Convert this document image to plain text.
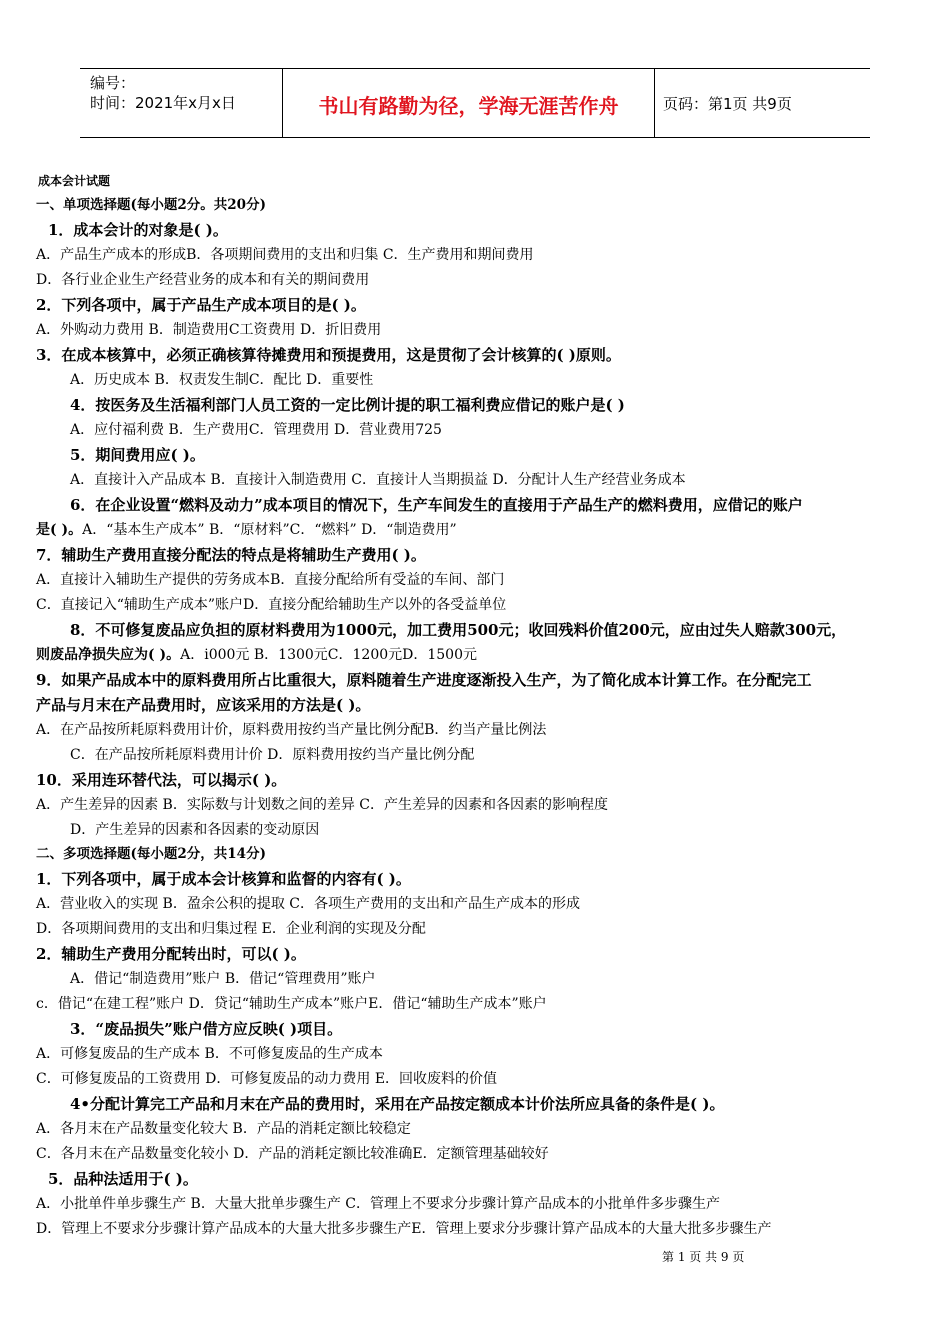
编号：
时间：2021年x月x日	书山有路勤为径，学海无涯苦作舟	页码：第1页 共9页
成本会计试题
一、单项选择题(每小题2分。共20分)
1．成本会计的对象是( )。
A．产品生产成本的形成B．各项期间费用的支出和归集 C．生产费用和期间费用
D．各行业企业生产经营业务的成本和有关的期间费用
2．下列各项中，属于产品生产成本项目的是( )。
A．外购动力费用 B．制造费用C工资费用 D．折旧费用
3．在成本核算中，必须正确核算待摊费用和预提费用，这是贯彻了会计核算的( )原则。
A．历史成本 B．权责发生制C．配比 D．重要性
4．按医务及生活福利部门人员工资的一定比例计提的职工福利费应借记的账户是( )
A．应付福利费 B．生产费用C．管理费用 D．营业费用725
5．期间费用应( )。
A．直接计入产品成本 B．直接计入制造费用 C．直接计人当期损益 D．分配计人生产经营业务成本
6．在企业设置“燃料及动力”成本项目的情况下，生产车间发生的直接用于产品生产的燃料费用，应借记的账户
是( )。A．“基本生产成本” B．“原材料”C．“燃料” D．“制造费用”
7．辅助生产费用直接分配法的特点是将辅助生产费用( )。
A．直接计入辅助生产提供的劳务成本B．直接分配给所有受益的车间、部门
C．直接记入“辅助生产成本”账户D．直接分配给辅助生产以外的各受益单位
8．不可修复废品应负担的原材料费用为1000元，加工费用500元；收回残料价值200元，应由过失人赔款300元，
则废品净损失应为( )。A．i000元 B．1300元C．1200元D．1500元
9．如果产品成本中的原料费用所占比重很大，原料随着生产进度逐渐投入生产，为了简化成本计算工作。在分配完工
产品与月末在产品费用时，应该采用的方法是( )。
A．在产品按所耗原料费用计价，原料费用按约当产量比例分配B．约当产量比例法
C．在产品按所耗原料费用计价 D．原料费用按约当产量比例分配
10．采用连环替代法，可以揭示( )。
A．产生差异的因素 B．实际数与计划数之间的差异 C．产生差异的因素和各因素的影响程度
D．产生差异的因素和各因素的变动原因
二、多项选择题(每小题2分，共14分)
1．下列各项中，属于成本会计核算和监督的内容有( )。
A．营业收入的实现 B．盈余公积的提取 C．各项生产费用的支出和产品生产成本的形成
D．各项期间费用的支出和归集过程 E．企业利润的实现及分配
2．辅助生产费用分配转出时，可以( )。
A．借记“制造费用”账户 B．借记“管理费用”账户
c．借记“在建工程”账户 D．贷记“辅助生产成本”账户E．借记“辅助生产成本”账户
3．“废品损失”账户借方应反映( )项目。
A．可修复废品的生产成本 B．不可修复废品的生产成本
C．可修复废品的工资费用 D．可修复废品的动力费用 E．回收废料的价值
4•分配计算完工产品和月末在产品的费用时，采用在产品按定额成本计价法所应具备的条件是( )。
A．各月末在产品数量变化较大 B．产品的消耗定额比较稳定
C．各月末在产品数量变化较小 D．产品的消耗定额比较准确E．定额管理基础较好
5．品种法适用于( )。
A．小批单件单步骤生产 B．大量大批单步骤生产 C．管理上不要求分步骤计算产品成本的小批单件多步骤生产
D．管理上不要求分步骤计算产品成本的大量大批多步骤生产E．管理上要求分步骤计算产品成本的大量大批多步骤生产
第 1 页 共 9 页
